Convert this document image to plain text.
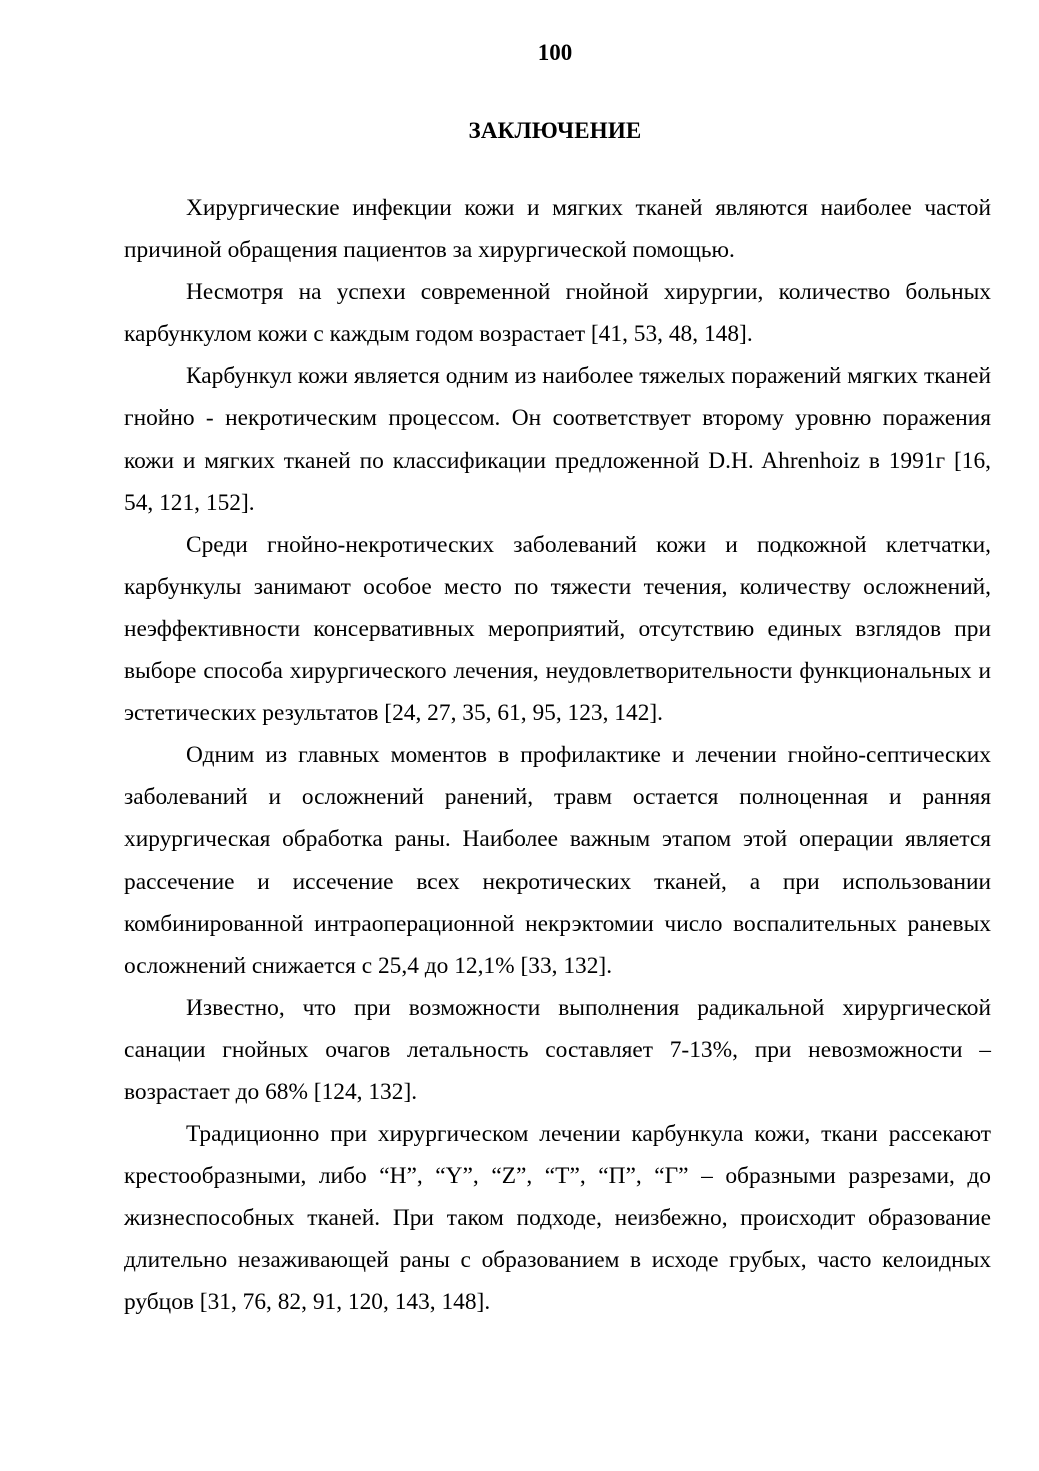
100
ЗАКЛЮЧЕНИЕ

Хирургические инфекции кожи и мягких тканей являются наиболее частой причиной обращения пациентов за хирургической помощью.

Несмотря на успехи современной гнойной хирургии, количество больных карбункулом кожи с каждым годом возрастает [41, 53, 48, 148].

Карбункул кожи является одним из наиболее тяжелых поражений мягких тканей гнойно - некротическим процессом. Он соответствует второму уровню поражения кожи и мягких тканей по классификации предложенной D.H. Ahrenhoiz в 1991г [16, 54, 121, 152].

Среди гнойно-некротических заболеваний кожи и подкожной клетчатки, карбункулы занимают особое место по тяжести течения, количеству осложнений, неэффективности консервативных мероприятий, отсутствию единых взглядов при выборе способа хирургического лечения, неудовлетворительности функциональных и эстетических результатов [24, 27, 35, 61, 95, 123, 142].

Одним из главных моментов в профилактике и лечении гнойно-септических заболеваний и осложнений ранений, травм остается полноценная и ранняя хирургическая обработка раны. Наиболее важным этапом этой операции является рассечение и иссечение всех некротических тканей, а при использовании комбинированной интраоперационной некрэктомии число воспалительных раневых осложнений снижается с 25,4 до 12,1% [33, 132].

Известно, что при возможности выполнения радикальной хирургической санации гнойных очагов летальность составляет 7-13%, при невозможности – возрастает до 68% [124, 132].

Традиционно при хирургическом лечении карбункула кожи, ткани рассекают крестообразными, либо “H”, “Y”, “Z”, “T”, “П”, “Г” – образными разрезами, до жизнеспособных тканей. При таком подходе, неизбежно, происходит образование длительно незаживающей раны с образованием в исходе грубых, часто келоидных рубцов [31, 76, 82, 91, 120, 143, 148].
